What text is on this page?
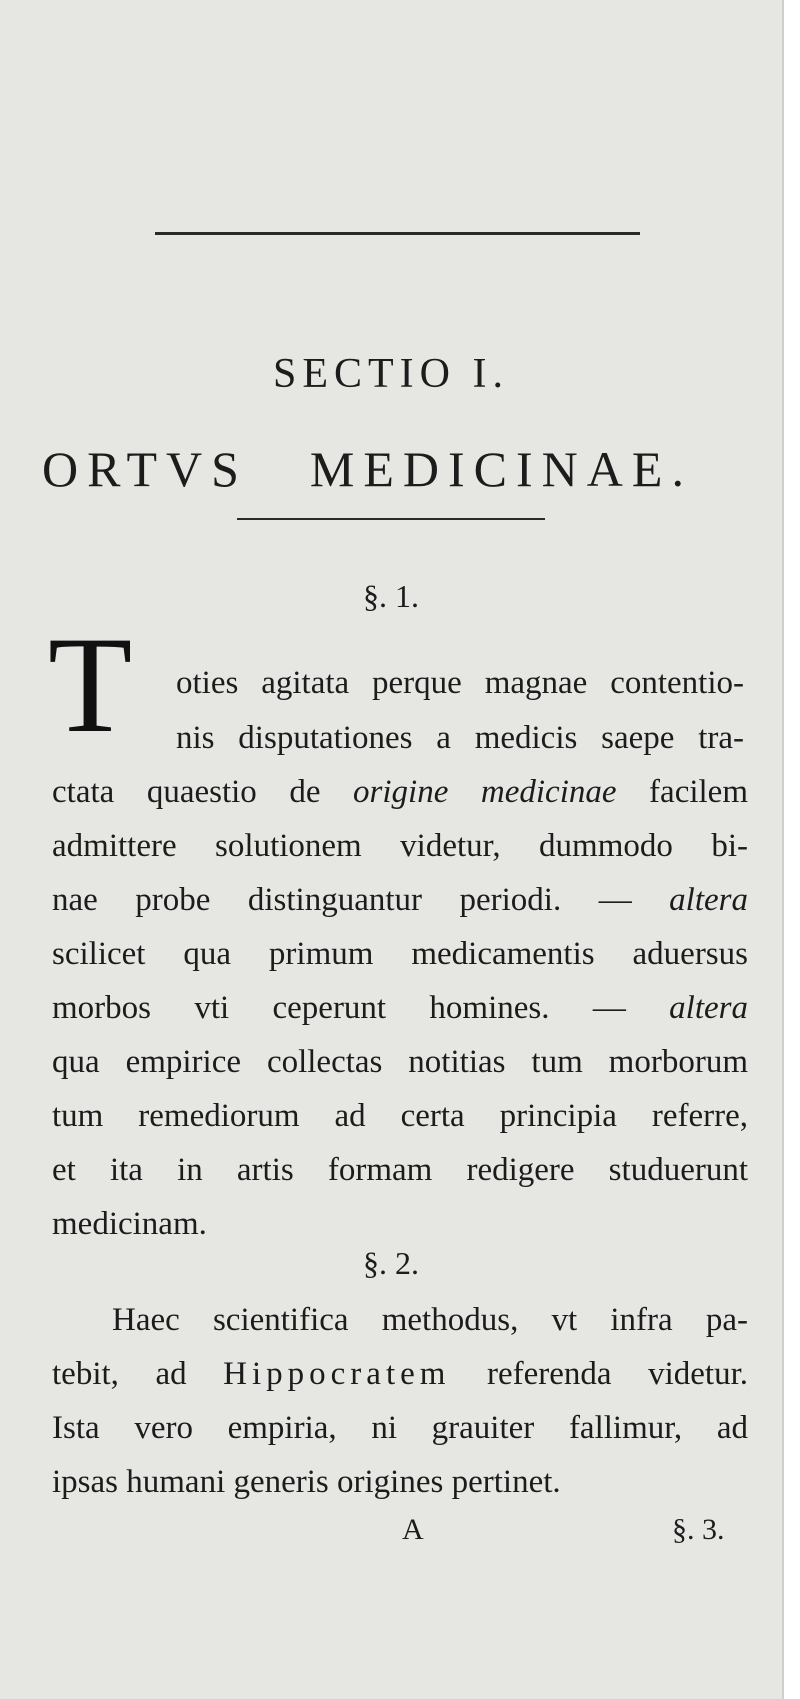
SECTIO I.
ORTVS MEDICINAE.
§. 1.
T oties agitata perque magnae contentio-
nis disputationes a medicis saepe tra-
ctata quaestio de origine medicinae facilem
admittere solutionem videtur, dummodo bi-
nae probe distinguantur periodi. — altera
scilicet qua primum medicamentis aduersus
morbos vti ceperunt homines. — altera
qua empirice collectas notitias tum morborum
tum remediorum ad certa principia referre,
et ita in artis formam redigere studuerunt
medicinam.
§. 2.
Haec scientifica methodus, vt infra pa-
tebit, ad Hippocratem referenda videtur.
Ista vero empiria, ni grauiter fallimur, ad
ipsas humani generis origines pertinet.
A	§. 3.
